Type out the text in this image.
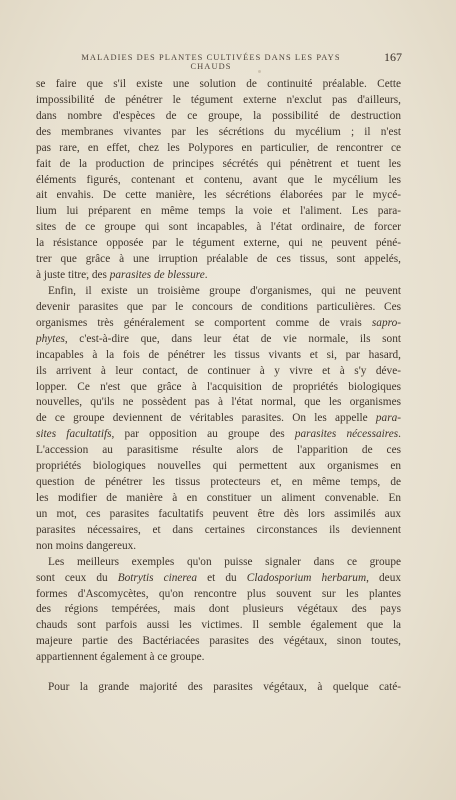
MALADIES DES PLANTES CULTIVÉES DANS LES PAYS CHAUDS
167
se faire que s'il existe une solution de continuité préalable. Cette
impossibilité de pénétrer le tégument externe n'exclut pas d'ailleurs,
dans nombre d'espèces de ce groupe, la possibilité de destruction
des membranes vivantes par les sécrétions du mycélium ; il n'est
pas rare, en effet, chez les Polypores en particulier, de rencontrer ce
fait de la production de principes sécrétés qui pénètrent et tuent les
éléments figurés, contenant et contenu, avant que le mycélium les
ait envahis. De cette manière, les sécrétions élaborées par le mycé-
lium lui préparent en même temps la voie et l'aliment. Les para-
sites de ce groupe qui sont incapables, à l'état ordinaire, de forcer
la résistance opposée par le tégument externe, qui ne peuvent péné-
trer que grâce à une irruption préalable de ces tissus, sont appelés,
à juste titre, des parasites de blessure.
Enfin, il existe un troisième groupe d'organismes, qui ne peuvent
devenir parasites que par le concours de conditions particulières. Ces
organismes très généralement se comportent comme de vrais sapro-
phytes, c'est-à-dire que, dans leur état de vie normale, ils sont
incapables à la fois de pénétrer les tissus vivants et si, par hasard,
ils arrivent à leur contact, de continuer à y vivre et à s'y déve-
lopper. Ce n'est que grâce à l'acquisition de propriétés biologiques
nouvelles, qu'ils ne possèdent pas à l'état normal, que les organismes
de ce groupe deviennent de véritables parasites. On les appelle para-
sites facultatifs, par opposition au groupe des parasites nécessaires.
L'accession au parasitisme résulte alors de l'apparition de ces
propriétés biologiques nouvelles qui permettent aux organismes en
question de pénétrer les tissus protecteurs et, en même temps, de
les modifier de manière à en constituer un aliment convenable. En
un mot, ces parasites facultatifs peuvent être dès lors assimilés aux
parasites nécessaires, et dans certaines circonstances ils deviennent
non moins dangereux.
Les meilleurs exemples qu'on puisse signaler dans ce groupe
sont ceux du Botrytis cinerea et du Cladosporium herbarum, deux
formes d'Ascomycètes, qu'on rencontre plus souvent sur les plantes
des régions tempérées, mais dont plusieurs végétaux des pays
chauds sont parfois aussi les victimes. Il semble également que la
majeure partie des Bactériacées parasites des végétaux, sinon toutes,
appartiennent également à ce groupe.
Pour la grande majorité des parasites végétaux, à quelque caté-
